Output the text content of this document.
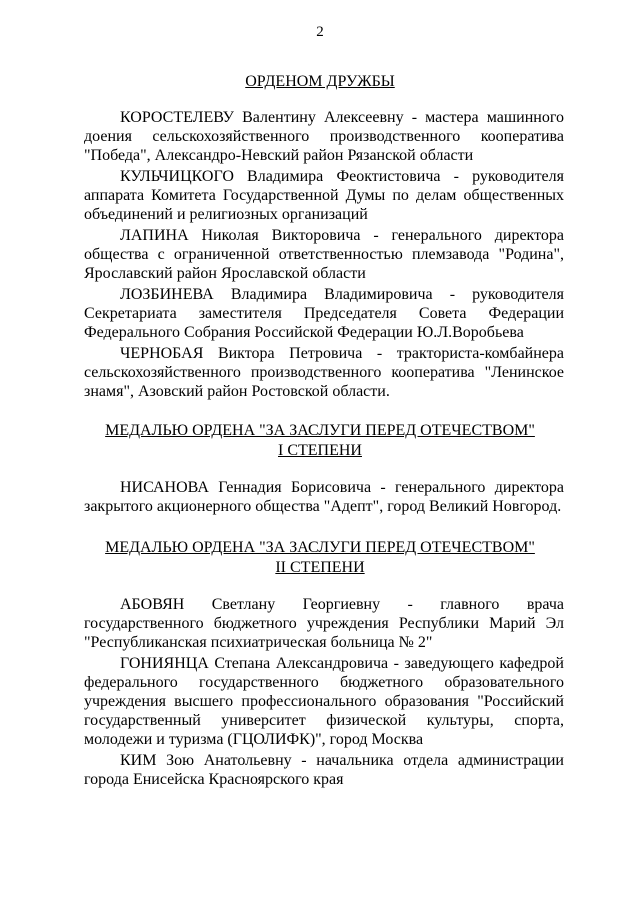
2
ОРДЕНОМ ДРУЖБЫ
КОРОСТЕЛЕВУ Валентину Алексеевну - мастера машинного
доения сельскохозяйственного производственного кооператива
"Победа", Александро-Невский район Рязанской области
КУЛЬЧИЦКОГО Владимира Феоктистовича - руководителя
аппарата Комитета Государственной Думы по делам общественных
объединений и религиозных организаций
ЛАПИНА Николая Викторовича - генерального директора
общества с ограниченной ответственностью племзавода "Родина",
Ярославский район Ярославской области
ЛОЗБИНЕВА Владимира Владимировича - руководителя
Секретариата заместителя Председателя Совета Федерации
Федерального Собрания Российской Федерации Ю.Л.Воробьева
ЧЕРНОБАЯ Виктора Петровича - тракториста-комбайнера
сельскохозяйственного производственного кооператива "Ленинское
знамя", Азовский район Ростовской области.
МЕДАЛЬЮ ОРДЕНА "ЗА ЗАСЛУГИ ПЕРЕД ОТЕЧЕСТВОМ"
I СТЕПЕНИ
НИСАНОВА Геннадия Борисовича - генерального директора
закрытого акционерного общества "Адепт", город Великий Новгород.
МЕДАЛЬЮ ОРДЕНА "ЗА ЗАСЛУГИ ПЕРЕД ОТЕЧЕСТВОМ"
II СТЕПЕНИ
АБОВЯН Светлану Георгиевну - главного врача
государственного бюджетного учреждения Республики Марий Эл
"Республиканская психиатрическая больница № 2"
ГОНИЯНЦА Степана Александровича - заведующего кафедрой
федерального государственного бюджетного образовательного
учреждения высшего профессионального образования "Российский
государственный университет физической культуры, спорта,
молодежи и туризма (ГЦОЛИФК)", город Москва
КИМ Зою Анатольевну - начальника отдела администрации
города Енисейска Красноярского края
